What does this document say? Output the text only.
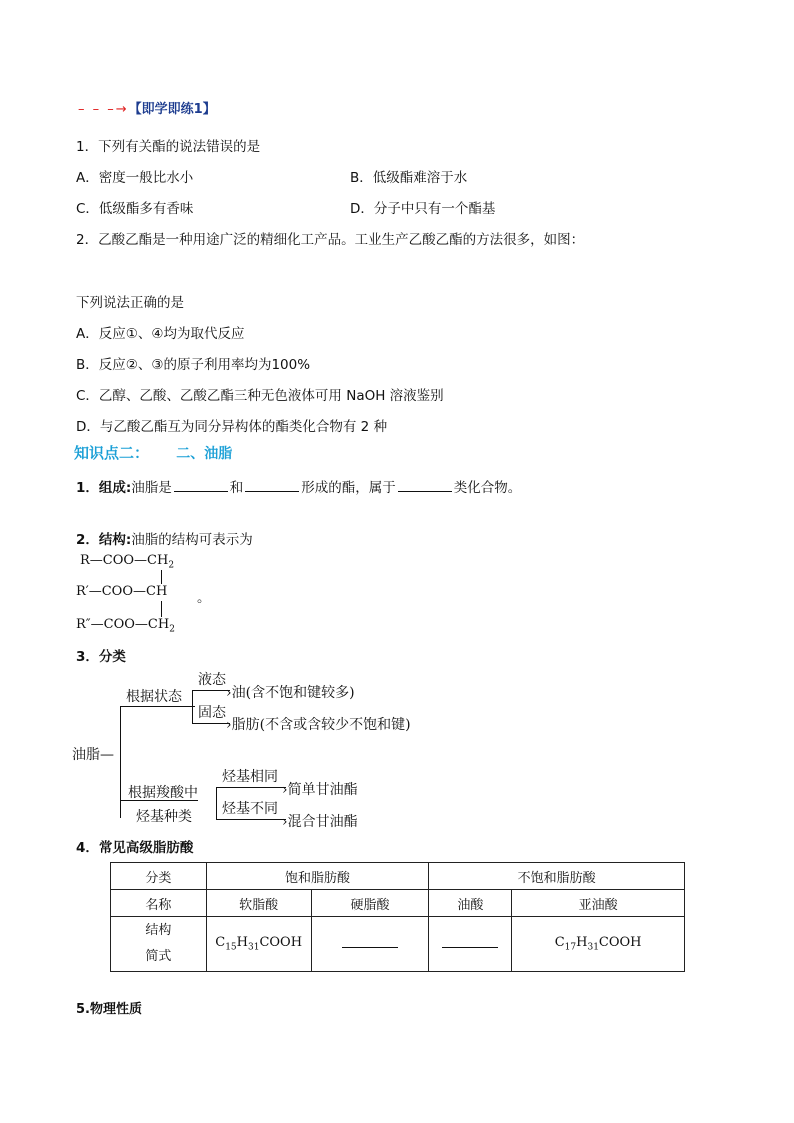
– – –→【即学即练1】
1．下列有关酯的说法错误的是
A．密度一般比水小	B．低级酯难溶于水
C．低级酯多有香味	D．分子中只有一个酯基
2．乙酸乙酯是一种用途广泛的精细化工产品。工业生产乙酸乙酯的方法很多，如图：
下列说法正确的是
A．反应①、④均为取代反应
B．反应②、③的原子利用率均为100%
C．乙醇、乙酸、乙酸乙酯三种无色液体可用 NaOH 溶液鉴别
D．与乙酸乙酯互为同分异构体的酯类化合物有 2 种
知识点二： 二、油脂
1．组成:油脂是	和	形成的酯，属于	类化合物。
2．结构:油脂的结构可表示为
$R—COO—CH_2$
R′—COO—CH
$R''—COO—CH_2$
。
3．分类
油脂—
根据状态
根据羧酸中
烃基种类
液态
›油(含不饱和键较多)
固态
›脂肪(不含或含较少不饱和键)
烃基相同
›简单甘油酯
烃基不同
›混合甘油酯
4．常见高级脂肪酸
分类	饱和脂肪酸		不饱和脂肪酸	
名称	软脂酸	硬脂酸	油酸	亚油酸
结构
简式	$C_{15}H_{31}COOH$			$C_{17}H_{31}COOH$
5.物理性质
